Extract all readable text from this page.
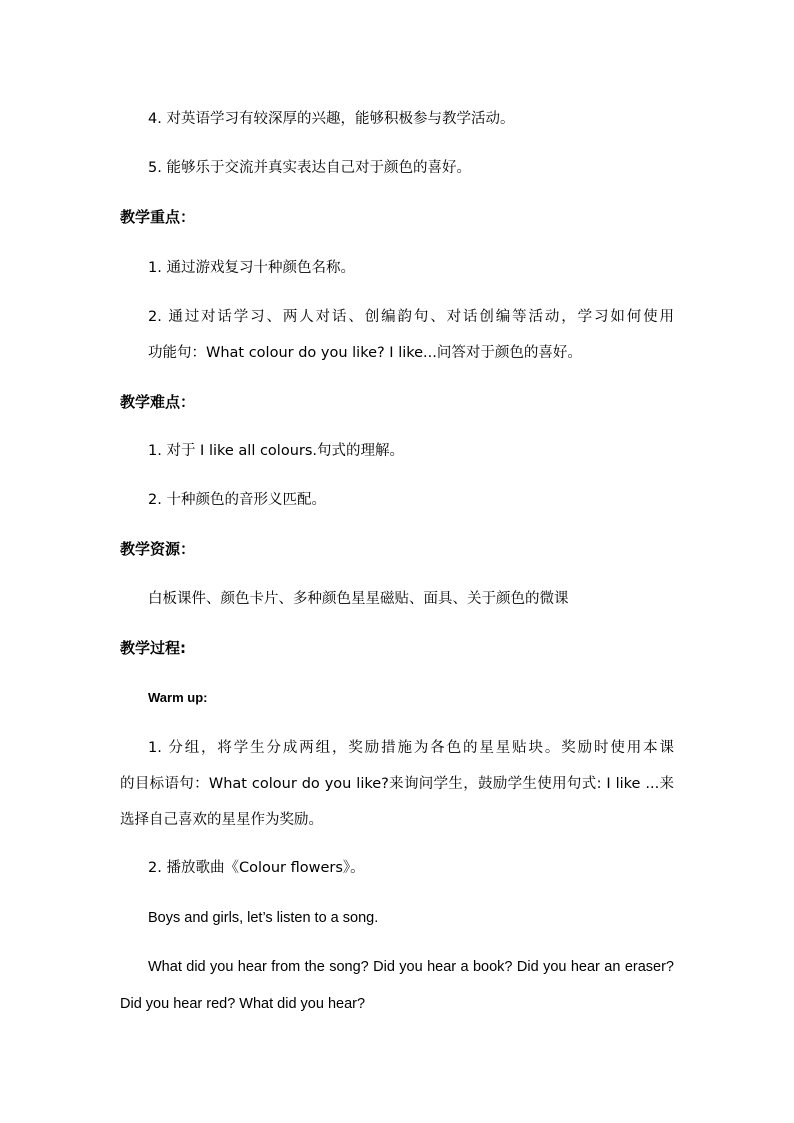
4. 对英语学习有较深厚的兴趣，能够积极参与教学活动。
5. 能够乐于交流并真实表达自己对于颜色的喜好。
教学重点：
1. 通过游戏复习十种颜色名称。
2. 通过对话学习、两人对话、创编韵句、对话创编等活动，学习如何使用
功能句：What colour do you like? I like...问答对于颜色的喜好。
教学难点：
1. 对于 I like all colours.句式的理解。
2. 十种颜色的音形义匹配。
教学资源：
白板课件、颜色卡片、多种颜色星星磁贴、面具、关于颜色的微课
教学过程:
Warm up:
1. 分组，将学生分成两组，奖励措施为各色的星星贴块。奖励时使用本课
的目标语句：What colour do you like?来询问学生，鼓励学生使用句式: I like ...来
选择自己喜欢的星星作为奖励。
2. 播放歌曲《Colour flowers》。
Boys and girls, let’s listen to a song.
What did you hear from the song? Did you hear a book? Did you hear an eraser?
Did you hear red? What did you hear?
